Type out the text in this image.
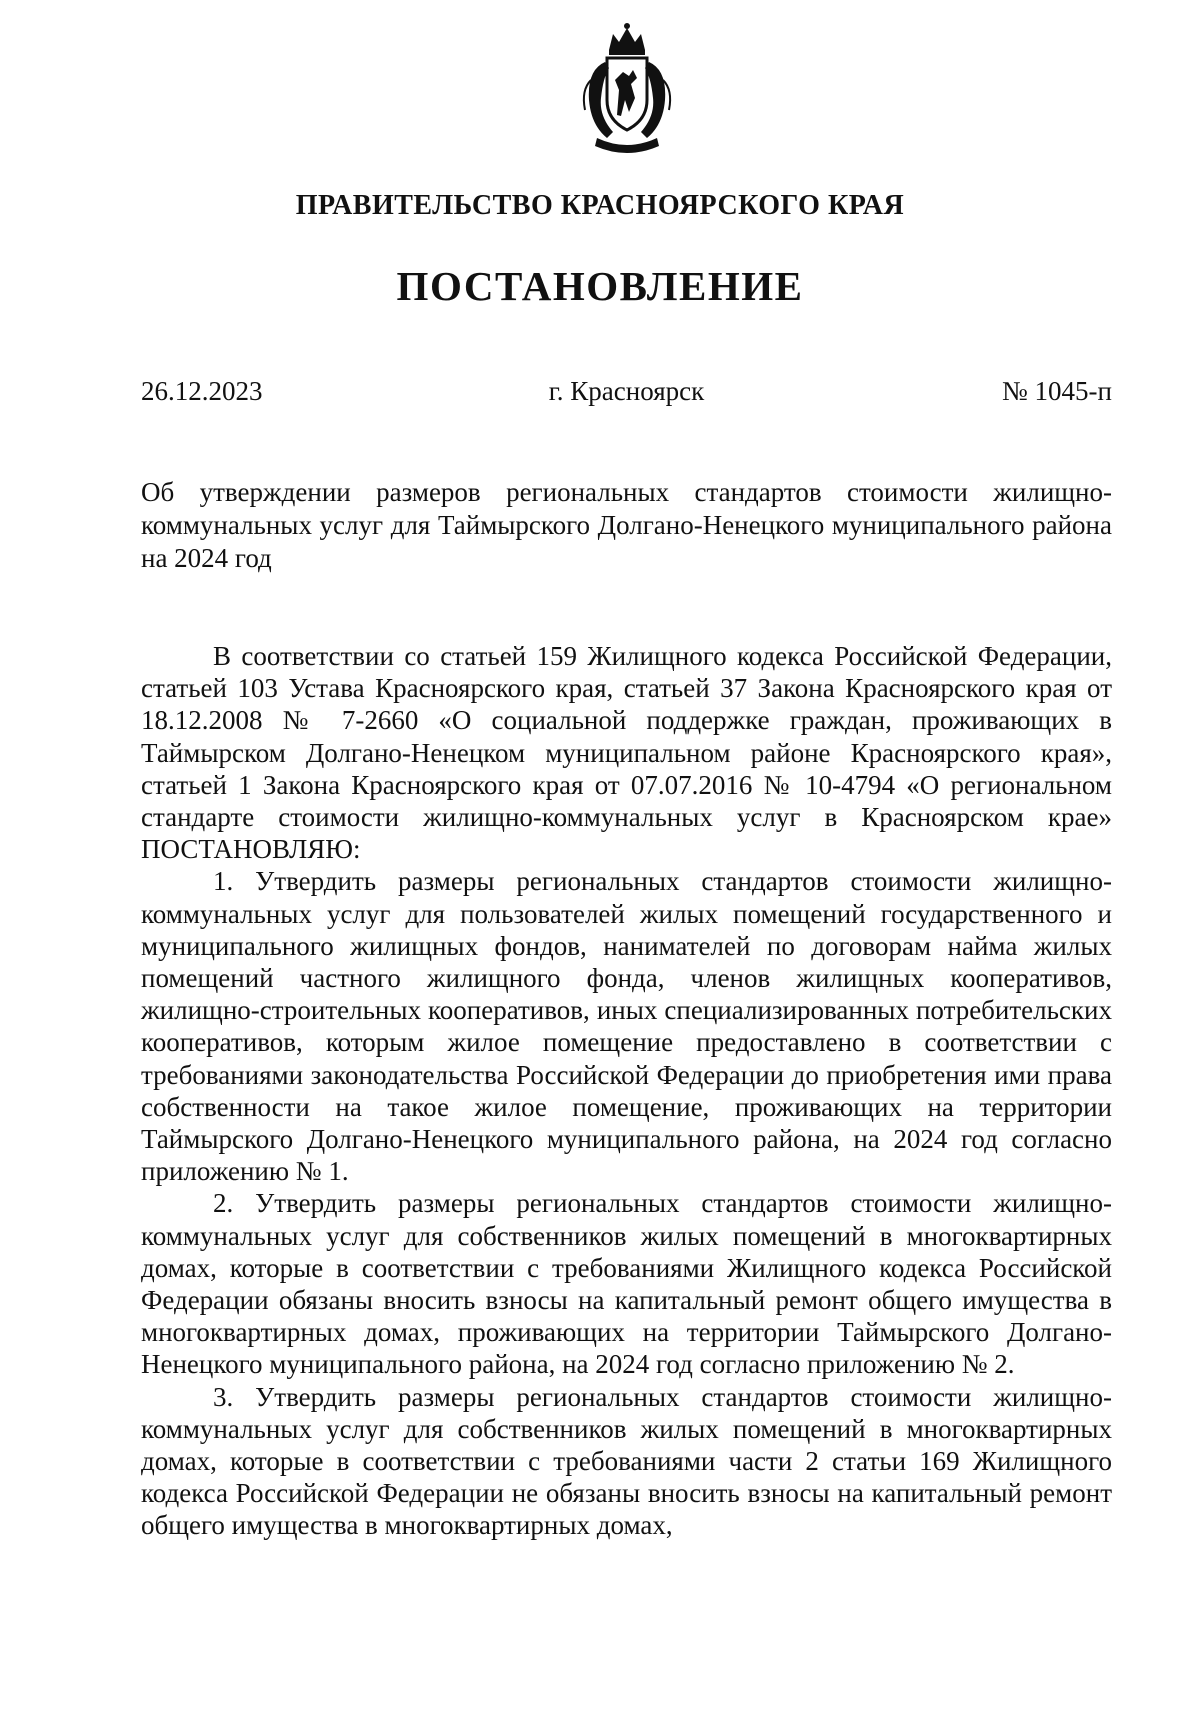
ПРАВИТЕЛЬСТВО КРАСНОЯРСКОГО КРАЯ
ПОСТАНОВЛЕНИЕ
26.12.2023	г. Красноярск	№ 1045-п
Об утверждении размеров региональных стандартов стоимости жилищно-коммунальных услуг для Таймырского Долгано-Ненецкого муниципального района на 2024 год

В соответствии со статьей 159 Жилищного кодекса Российской Федерации, статьей 103 Устава Красноярского края, статьей 37 Закона Красноярского края от 18.12.2008 № 7-2660 «О социальной поддержке граждан, проживающих в Таймырском Долгано-Ненецком муниципальном районе Красноярского края», статьей 1 Закона Красноярского края от 07.07.2016 № 10-4794 «О региональном стандарте стоимости жилищно-коммунальных услуг в Красноярском крае» ПОСТАНОВЛЯЮ:

1. Утвердить размеры региональных стандартов стоимости жилищно-коммунальных услуг для пользователей жилых помещений государственного и муниципального жилищных фондов, нанимателей по договорам найма жилых помещений частного жилищного фонда, членов жилищных кооперативов, жилищно-строительных кооперативов, иных специализированных потребительских кооперативов, которым жилое помещение предоставлено в соответствии с требованиями законодательства Российской Федерации до приобретения ими права собственности на такое жилое помещение, проживающих на территории Таймырского Долгано-Ненецкого муниципального района, на 2024 год согласно приложению № 1.

2. Утвердить размеры региональных стандартов стоимости жилищно-коммунальных услуг для собственников жилых помещений в многоквартирных домах, которые в соответствии с требованиями Жилищного кодекса Российской Федерации обязаны вносить взносы на капитальный ремонт общего имущества в многоквартирных домах, проживающих на территории Таймырского Долгано-Ненецкого муниципального района, на 2024 год согласно приложению № 2.

3. Утвердить размеры региональных стандартов стоимости жилищно-коммунальных услуг для собственников жилых помещений в многоквартирных домах, которые в соответствии с требованиями части 2 статьи 169 Жилищного кодекса Российской Федерации не обязаны вносить взносы на капитальный ремонт общего имущества в многоквартирных домах,
